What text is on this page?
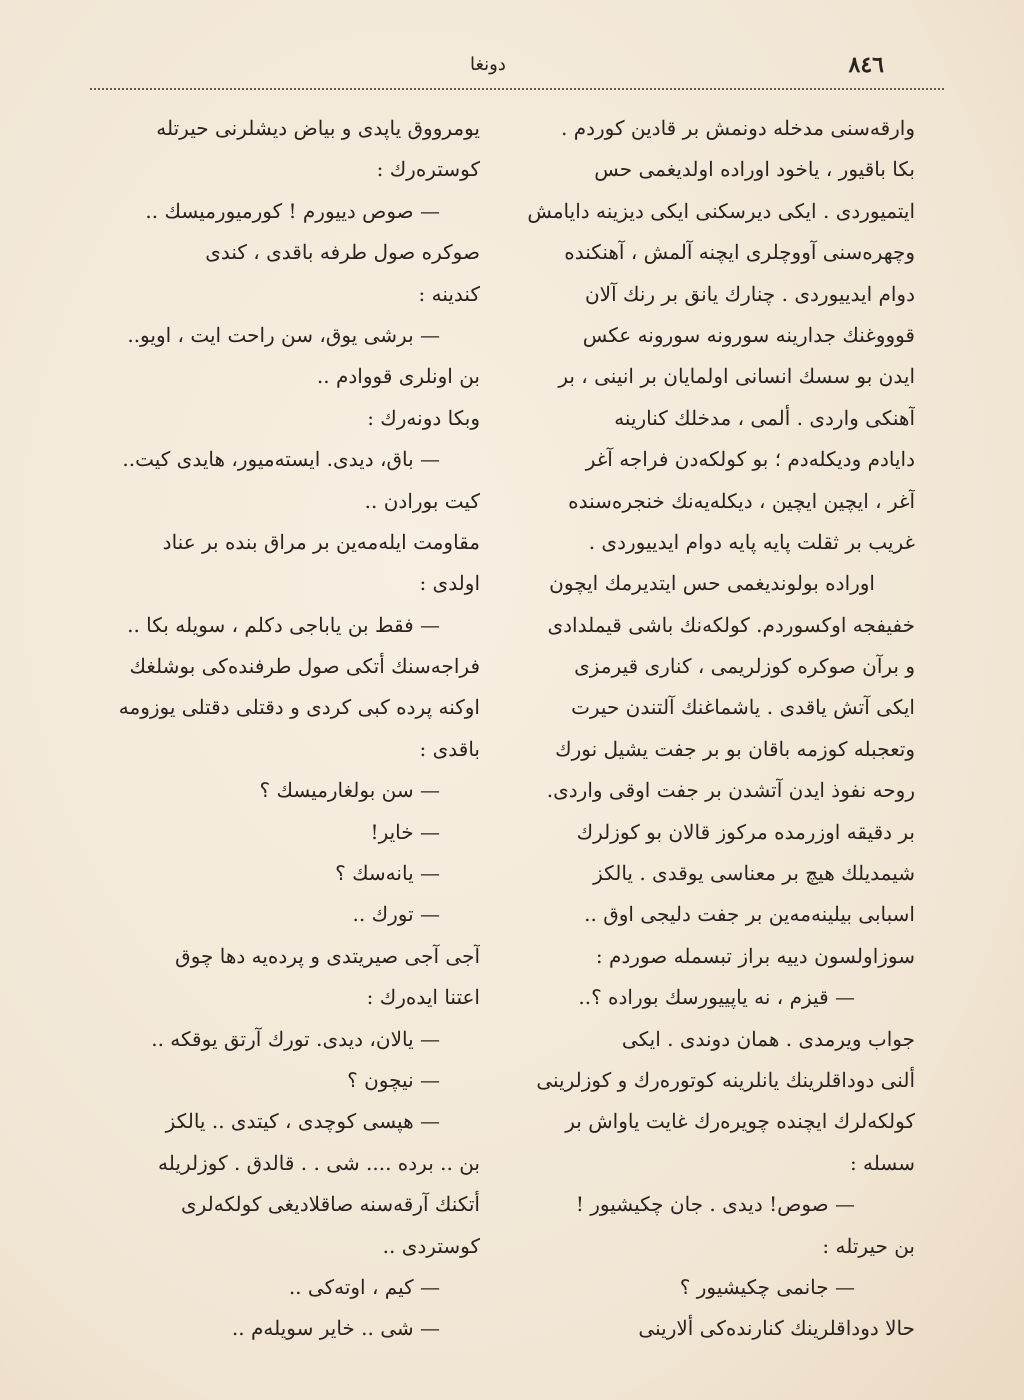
٨٤٦
دونغا
وارقه‌سنی مدخله دونمش بر قادین کوردم .
بکا باقیور ، یاخود اوراده اولدیغمی حس
ایتمیوردی . ایکی دیرسکنی ایکی دیزینه دایامش
وچهره‌سنی آووچلری ایچنه آلمش ، آهنکنده
دوام ایدییوردی . چنارك یانق بر رنك آلان
قوووغنك جدارینه سورونه سورونه عکس
ایدن بو سسك انسانی اولمایان بر انینی ، بر
آهنکی واردی . ألمی ، مدخلك کنارینه
دایادم ودیکله‌دم ؛ بو کولکه‌دن فراجه آغر
آغر ، ایچین ایچین ، دیکله‌یه‌نك خنجره‌سنده
غریب بر ثقلت پایه پایه دوام ایدییوردی .
اوراده بولوندیغمی حس ایتدیرمك ایچون
خفیفجه اوکسوردم. کولکه‌نك باشی قیملدادی
و برآن صوکره کوزلریمی ، کناری قیرمزی
ایکی آتش یاقدی . یاشماغنك آلتندن حیرت
وتعجبله کوزمه باقان بو بر جفت یشیل نورك
روحه نفوذ ایدن آتشدن بر جفت اوقی واردی.
بر دقیقه اوزرمده مرکوز قالان بو کوزلرك
شیمدیلك هیچ بر معناسی یوقدی . یالکز
اسبابی بیلینه‌مه‌ین بر جفت دلیجی اوق ..
سوزاولسون دییه براز تبسمله صوردم :
— قیزم ، نه یاپییورسك بوراده ؟..
جواب ویرمدی . همان دوندی . ایکی
ألنی دوداقلرینك یانلرینه کوتوره‌رك و کوزلرینی
کولکه‌لرك ایچنده چویره‌رك غایت یاواش بر
سسله :
— صوص! دیدی . جان چکیشیور !
بن حیرتله :
— جانمی چکیشیور ؟
حالا دوداقلرینك کنارنده‌کی ألارینی
یومرووق یاپدی و بیاض دیشلرنی حیرتله
کوستره‌رك :
— صوص دییورم ! کورمیورمیسك ..
صوکره صول طرفه باقدی ، کندی
کندینه :
— برشی یوق، سن راحت ایت ، اویو..
بن اونلری قووادم ..
وبکا دونه‌رك :
— باق، دیدی. ایسته‌میور، هایدی کیت..
کیت بورادن ..
مقاومت ایله‌مه‌ین بر مراق بنده بر عناد
اولدی :
— فقط بن یاباجی دکلم ، سویله بکا ..
فراجه‌سنك أتکی صول طرفنده‌کی بوشلغك
اوکنه پرده کبی کردی و دقتلی دقتلی یوزومه
باقدی :
— سن بولغارمیسك ؟
— خایر!
— یانه‌سك ؟
— تورك ..
آجی آجی صیریتدی و پرده‌یه دها چوق
اعتنا ایده‌رك :
— یالان، دیدی. تورك آرتق یوقکه ..
— نیچون ؟
— هپسی کوچدی ، کیتدی .. یالکز
بن .. برده .... شی . . قالدق . کوزلریله
أتکنك آرقه‌سنه صاقلادیغی کولکه‌لری
کوستردی ..
— کیم ، اوته‌کی ..
— شی .. خایر سویله‌م ..
